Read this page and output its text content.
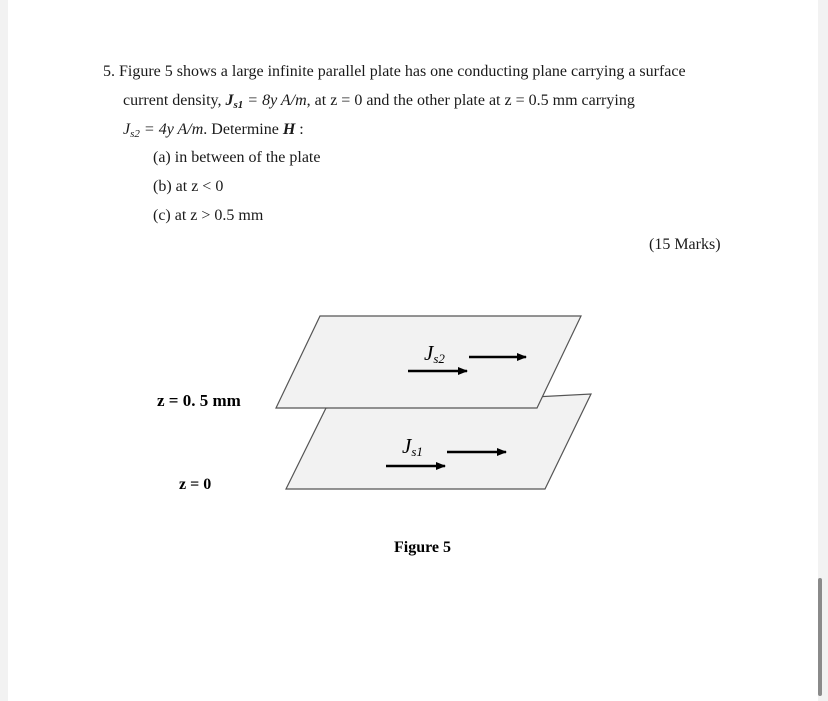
5. Figure 5 shows a large infinite parallel plate has one conducting plane carrying a surface
current density, $J_{s1} = 8y$ A/m, at z = 0 and the other plate at z = 0.5 mm carrying
$J_{s2} = 4y$ A/m. Determine H :
(a) in between of the plate
(b) at z < 0
(c) at z > 0.5 mm
(15 Marks)
Js2
Js1
z = 0. 5 mm
z = 0
Figure 5
